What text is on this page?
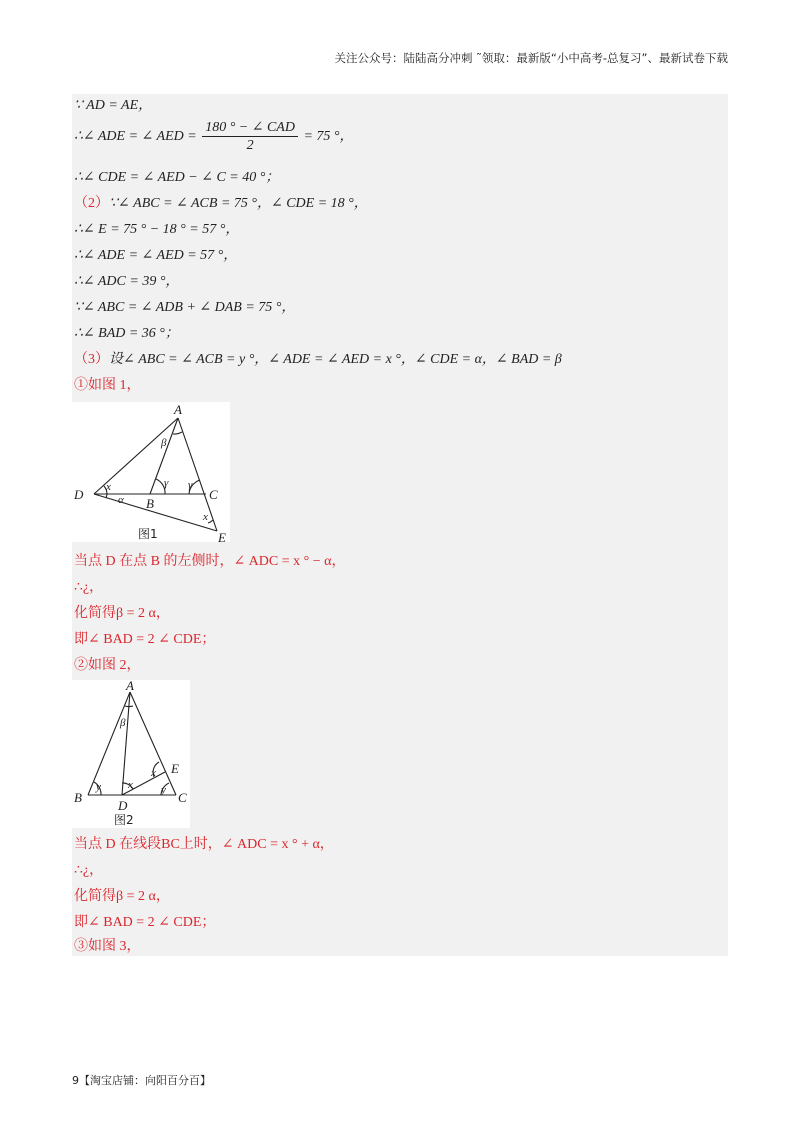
关注公众号：陆陆高分冲刺 ˜领取：最新版“小中高考-总复习”、最新试卷下载
∵ AD = AE，
∴∠ ADE = ∠ AED = $\frac{\text{180 ° − ∠ CAD}}{2} = 75$ °，
∴∠ CDE = ∠ AED − ∠ C = 40 °；
（2）∵∠ ABC = ∠ ACB = 75 °，∠ CDE = 18 °，
∴∠ E = 75 ° − 18 ° = 57 °，
∴∠ ADE = ∠ AED = 57 °，
∴∠ ADC = 39 °，
∵∠ ABC = ∠ ADB + ∠ DAB = 75 °，
∴∠ BAD = 36 °；
（3）设∠ ABC = ∠ ACB = y °，∠ ADE = ∠ AED = x °，∠ CDE = α，∠ BAD = β
①如图 1，
A
D
B
C
E
β
γ γ
x
α
x
图1
当点 D 在点 B 的左侧时，∠ ADC = x ° − α，
∴¿，
化简得β = 2 α，
即∠ BAD = 2 ∠ CDE；
②如图 2，
A
B
D
C
E
β
y	y
x
x
图2
当点 D 在线段BC上时，∠ ADC = x ° + α，
∴¿，
化简得β = 2 α，
即∠ BAD = 2 ∠ CDE；
③如图 3，
9【淘宝店铺：向阳百分百】
